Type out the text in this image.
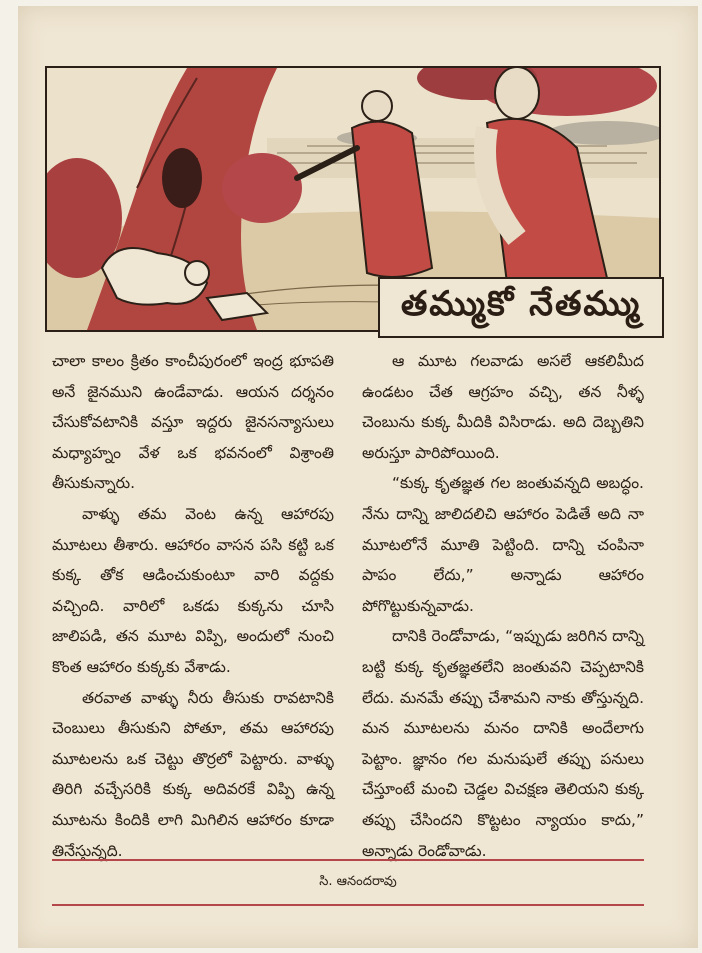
తమ్ముకో నేతమ్ము

చాలా కాలం క్రితం కాంచీపురంలో ఇంద్ర భూపతి అనే జైనముని ఉండేవాడు. ఆయన దర్శనం చేసుకోవటానికి వస్తూ ఇద్దరు జైనసన్యాసులు మధ్యాహ్నం వేళ ఒక భవనంలో విశ్రాంతి తీసుకున్నారు.

వాళ్ళు తమ వెంట ఉన్న ఆహారపు మూటలు తీశారు. ఆహారం వాసన పసి కట్టి ఒక కుక్క తోక ఆడించుకుంటూ వారి వద్దకు వచ్చింది. వారిలో ఒకడు కుక్కను చూసి జాలిపడి, తన మూట విప్పి, అందులో నుంచి కొంత ఆహారం కుక్కకు వేశాడు.

తరవాత వాళ్ళు నీరు తీసుకు రావటానికి చెంబులు తీసుకుని పోతూ, తమ ఆహారపు మూటలను ఒక చెట్టు తొర్రలో పెట్టారు. వాళ్ళు తిరిగి వచ్చేసరికి కుక్క అదివరకే విప్పి ఉన్న మూటను కిందికి లాగి మిగిలిన ఆహారం కూడా తినేస్తున్నది.

ఆ మూట గలవాడు అసలే ఆకలిమీద ఉండటం చేత ఆగ్రహం వచ్చి, తన నీళ్ళ చెంబును కుక్క మీదికి విసిరాడు. అది దెబ్బతిని అరుస్తూ పారిపోయింది.

“కుక్క కృతజ్ఞత గల జంతువన్నది అబద్ధం. నేను దాన్ని జాలిదలిచి ఆహారం పెడితే అది నా మూటలోనే మూతి పెట్టింది. దాన్ని చంపినా పాపం లేదు,” అన్నాడు ఆహారం పోగొట్టుకున్నవాడు.

దానికి రెండోవాడు, “ఇప్పుడు జరిగిన దాన్ని బట్టి కుక్క కృతజ్ఞతలేని జంతువని చెప్పటానికి లేదు. మనమే తప్పు చేశామని నాకు తోస్తున్నది. మన మూటలను మనం దానికి అందేలాగు పెట్టాం. జ్ఞానం గల మనుషులే తప్పు పనులు చేస్తూంటే మంచి చెడ్డల విచక్షణ తెలియని కుక్క తప్పు చేసిందని కొట్టటం న్యాయం కాదు,” అన్నాడు రెండోవాడు.

సి. ఆనందరావు
